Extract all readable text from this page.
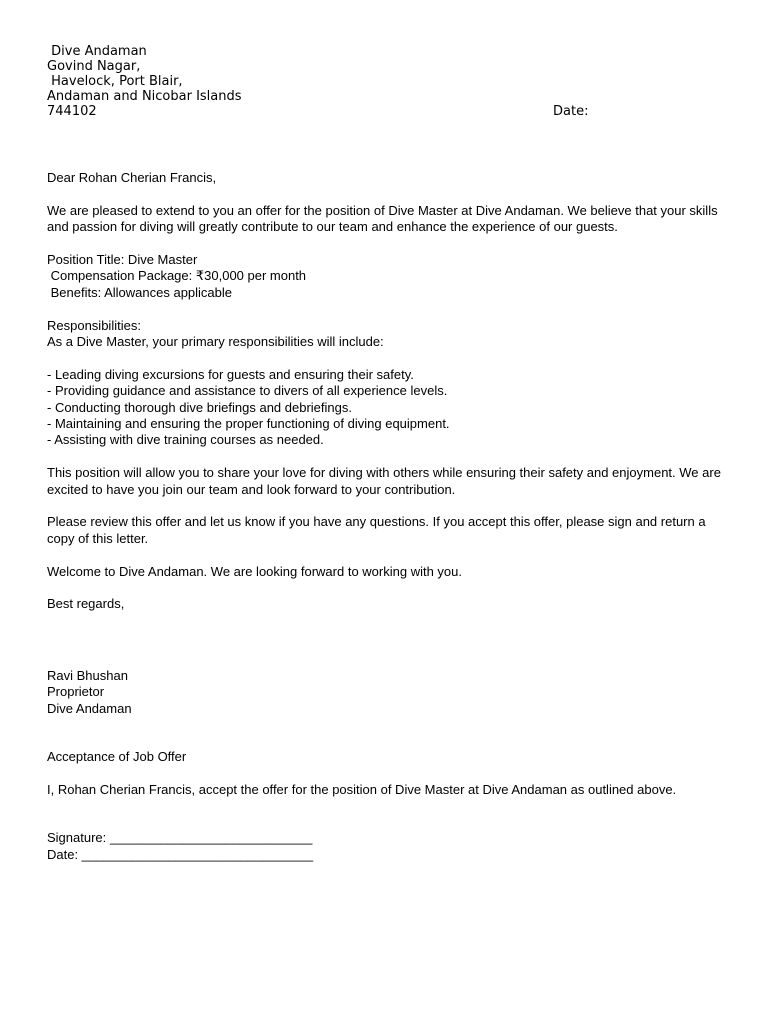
Dive Andaman
Govind Nagar,
Havelock, Port Blair,
Andaman and Nicobar Islands
744102	Date:

Dear Rohan Cherian Francis,

We are pleased to extend to you an offer for the position of Dive Master at Dive Andaman. We believe that your skills and passion for diving will greatly contribute to our team and enhance the experience of our guests.

Position Title: Dive Master
Compensation Package: ₹30,000 per month
Benefits: Allowances applicable

Responsibilities:
As a Dive Master, your primary responsibilities will include:

- Leading diving excursions for guests and ensuring their safety.
- Providing guidance and assistance to divers of all experience levels.
- Conducting thorough dive briefings and debriefings.
- Maintaining and ensuring the proper functioning of diving equipment.
- Assisting with dive training courses as needed.

This position will allow you to share your love for diving with others while ensuring their safety and enjoyment. We are excited to have you join our team and look forward to your contribution.

Please review this offer and let us know if you have any questions. If you accept this offer, please sign and return a copy of this letter.

Welcome to Dive Andaman. We are looking forward to working with you.

Best regards,

Ravi Bhushan
Proprietor
Dive Andaman

Acceptance of Job Offer

I, Rohan Cherian Francis, accept the offer for the position of Dive Master at Dive Andaman as outlined above.

Signature: ____________________________
Date: ________________________________
